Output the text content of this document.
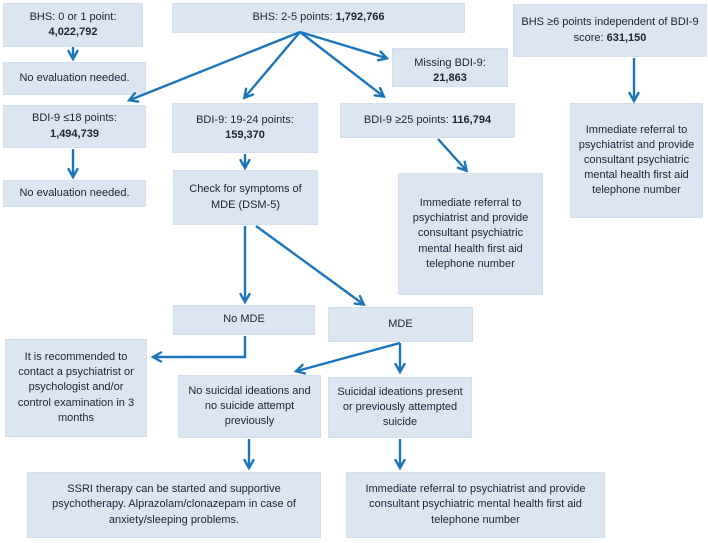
BHS: 0 or 1 point:
4,022,792
BHS: 2-5 points: 1,792,766	BHS ≥6 points independent of BDI-9 score: 631,150
Missing BDI-9: 21,863
No evaluation needed.
BDI-9 ≤18 points:
1,494,739
No evaluation needed.
BDI-9: 19-24 points:
159,370
BDI-9 ≥25 points: 116,794
Check for symptoms of MDE (DSM-5)	Immediate referral to psychiatrist and provide consultant psychiatric mental health first aid telephone number
Immediate referral to psychiatrist and provide consultant psychiatric mental health first aid telephone number
No MDE	MDE
It is recommended to contact a psychiatrist or psychologist and/or control examination in 3 months
No suicidal ideations and no suicide attempt previously
Suicidal ideations present or previously attempted suicide
SSRI therapy can be started and supportive psychotherapy. Alprazolam/clonazepam in case of anxiety/sleeping problems.
Immediate referral to psychiatrist and provide consultant psychiatric mental health first aid telephone number
